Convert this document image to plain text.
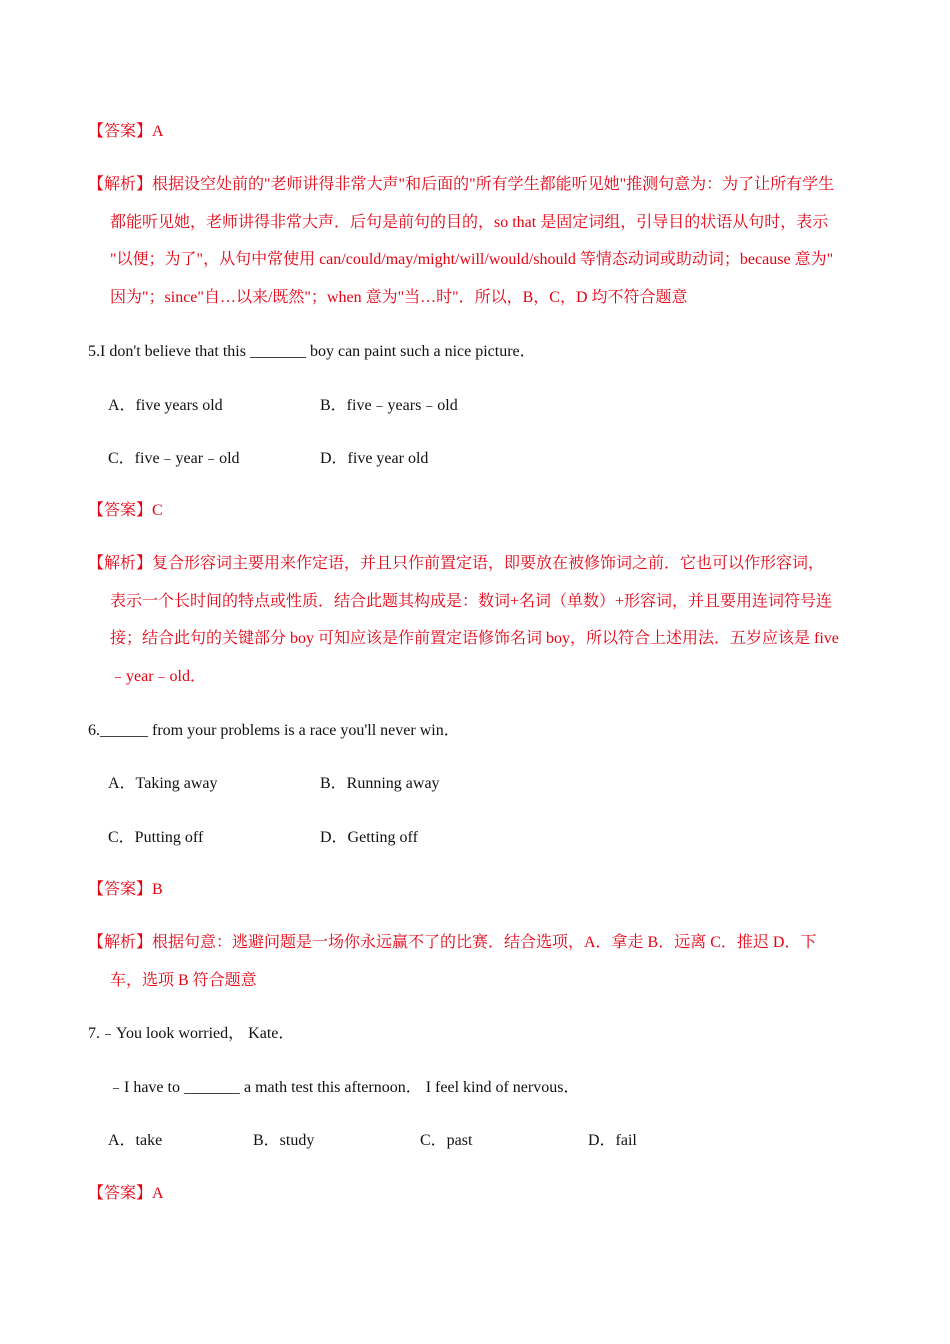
【答案】A
【解析】根据设空处前的"老师讲得非常大声"和后面的"所有学生都能听见她"推测句意为：为了让所有学生
都能听见她，老师讲得非常大声．后句是前句的目的，so that 是固定词组，引导目的状语从句时，表示
"以便；为了"，从句中常使用 can/could/may/might/will/would/should 等情态动词或助动词；because 意为"
因为"；since"自…以来/既然"；when 意为"当…时"．所以，B，C，D 均不符合题意
5.I don't believe that this _______ boy can paint such a nice picture．
A．five years old	B．five﹣years﹣old
C．five﹣year﹣old	D．five year old
【答案】C
【解析】复合形容词主要用来作定语，并且只作前置定语，即要放在被修饰词之前．它也可以作形容词，
表示一个长时间的特点或性质．结合此题其构成是：数词+名词（单数）+形容词，并且要用连词符号连
接；结合此句的关键部分 boy 可知应该是作前置定语修饰名词 boy，所以符合上述用法．五岁应该是 five
﹣year﹣old．
6.______ from your problems is a race you'll never win．
A．Taking away	B．Running away
C．Putting off	D．Getting off
【答案】B
【解析】根据句意：逃避问题是一场你永远赢不了的比赛．结合选项，A．拿走 B．远离 C．推迟 D．下
车，选项 B 符合题意
7.﹣You look worried， Kate．
﹣I have to _______ a math test this afternoon． I feel kind of nervous．
A．take	B．study	C．past	D．fail
【答案】A
